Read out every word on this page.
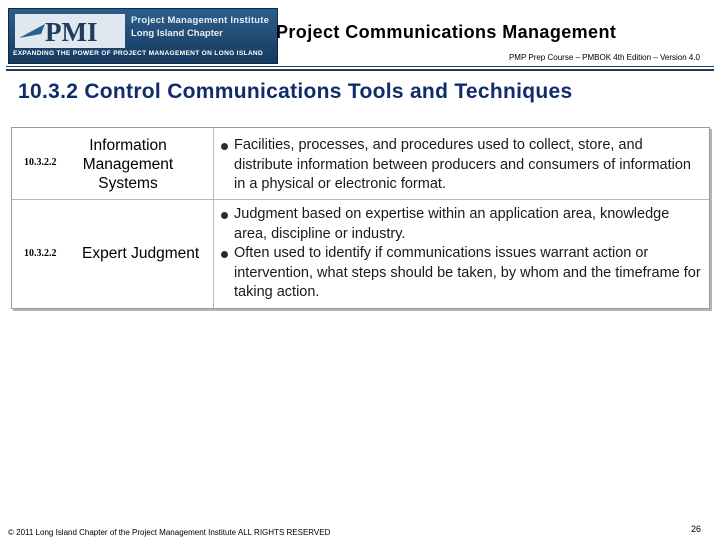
PMI	Project Management Institute
Long Island Chapter
EXPANDING THE POWER OF PROJECT MANAGEMENT ON LONG ISLAND
Project Communications Management
PMP Prep Course – PMBOK 4th Edition – Version 4.0
10.3.2 Control Communications Tools and Techniques
10.3.2.2
Information Management Systems
Facilities, processes, and procedures used to collect, store, and distribute information between producers and consumers of information in a physical or electronic format.
10.3.2.2 Expert Judgment
Judgment based on expertise within an application area, knowledge area, discipline or industry.
Often used to identify if communications issues warrant action or intervention, what steps should be taken, by whom and the timeframe for taking action.
© 2011 Long Island Chapter of the Project Management Institute ALL RIGHTS RESERVED	26
